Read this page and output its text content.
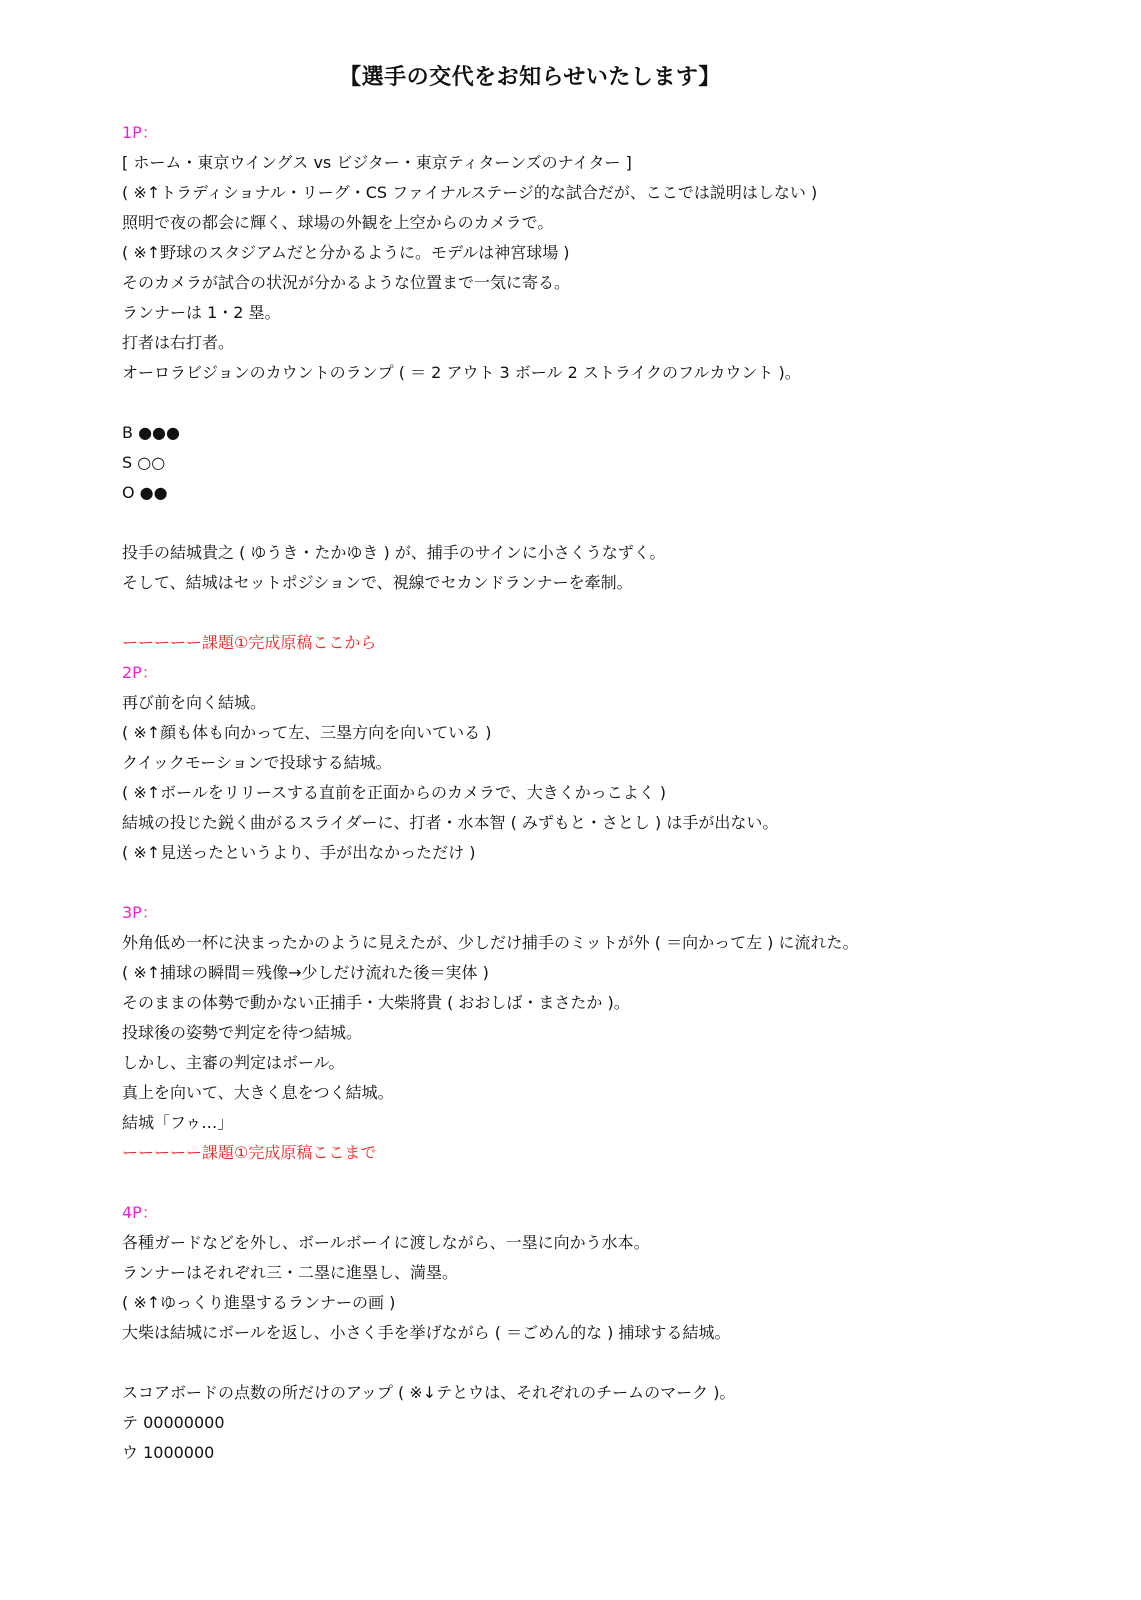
【選手の交代をお知らせいたします】
1P：
[ ホーム・東京ウイングス vs ビジター・東京ティターンズのナイター ]
( ※↑トラディショナル・リーグ・CS ファイナルステージ的な試合だが、ここでは説明はしない )
照明で夜の都会に輝く、球場の外観を上空からのカメラで。
( ※↑野球のスタジアムだと分かるように。モデルは神宮球場 )
そのカメラが試合の状況が分かるような位置まで一気に寄る。
ランナーは 1・2 塁。
打者は右打者。
オーロラビジョンのカウントのランプ ( ＝ 2 アウト 3 ボール 2 ストライクのフルカウント )。
B ●●●
S ○○
O ●●
投手の結城貴之 ( ゆうき・たかゆき ) が、捕手のサインに小さくうなずく。
そして、結城はセットポジションで、視線でセカンドランナーを牽制。
ーーーーー課題①完成原稿ここから
2P：
再び前を向く結城。
( ※↑顔も体も向かって左、三塁方向を向いている )
クイックモーションで投球する結城。
( ※↑ボールをリリースする直前を正面からのカメラで、大きくかっこよく )
結城の投じた鋭く曲がるスライダーに、打者・水本智 ( みずもと・さとし ) は手が出ない。
( ※↑見送ったというより、手が出なかっただけ )
3P：
外角低め一杯に決まったかのように見えたが、少しだけ捕手のミットが外 ( ＝向かって左 ) に流れた。
( ※↑捕球の瞬間＝残像→少しだけ流れた後＝実体 )
そのままの体勢で動かない正捕手・大柴將貴 ( おおしば・まさたか )。
投球後の姿勢で判定を待つ結城。
しかし、主審の判定はボール。
真上を向いて、大きく息をつく結城。
結城「フゥ…」
ーーーーー課題①完成原稿ここまで
4P：
各種ガードなどを外し、ボールボーイに渡しながら、一塁に向かう水本。
ランナーはそれぞれ三・二塁に進塁し、満塁。
( ※↑ゆっくり進塁するランナーの画 )
大柴は結城にボールを返し、小さく手を挙げながら ( ＝ごめん的な ) 捕球する結城。
スコアボードの点数の所だけのアップ ( ※↓テとウは、それぞれのチームのマーク )。
テ 00000000
ウ 1000000
